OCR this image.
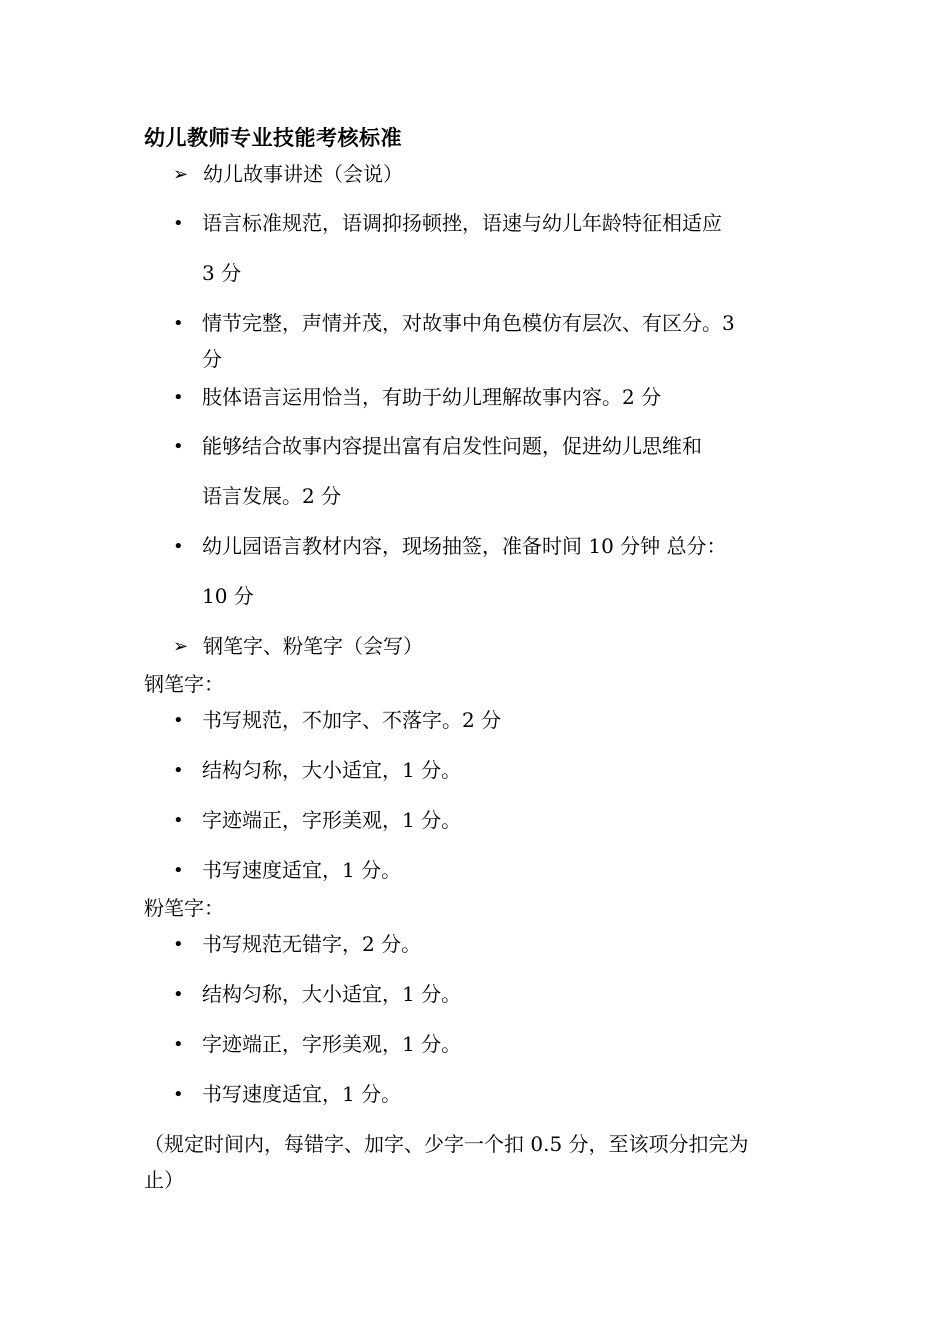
幼儿教师专业技能考核标准
➢ 幼儿故事讲述（会说）
• 语言标准规范，语调抑扬顿挫，语速与幼儿年龄特征相适应
3 分
• 情节完整，声情并茂，对故事中角色模仿有层次、有区分。3
分
• 肢体语言运用恰当，有助于幼儿理解故事内容。2 分
• 能够结合故事内容提出富有启发性问题，促进幼儿思维和
语言发展。2 分
• 幼儿园语言教材内容，现场抽签，准备时间 10 分钟 总分：
10 分
➢ 钢笔字、粉笔字（会写）
钢笔字：
• 书写规范，不加字、不落字。2 分
• 结构匀称，大小适宜，1 分。
• 字迹端正，字形美观，1 分。
• 书写速度适宜，1 分。
粉笔字：
• 书写规范无错字，2 分。
• 结构匀称，大小适宜，1 分。
• 字迹端正，字形美观，1 分。
• 书写速度适宜，1 分。
（规定时间内，每错字、加字、少字一个扣 0.5 分，至该项分扣完为
止）
